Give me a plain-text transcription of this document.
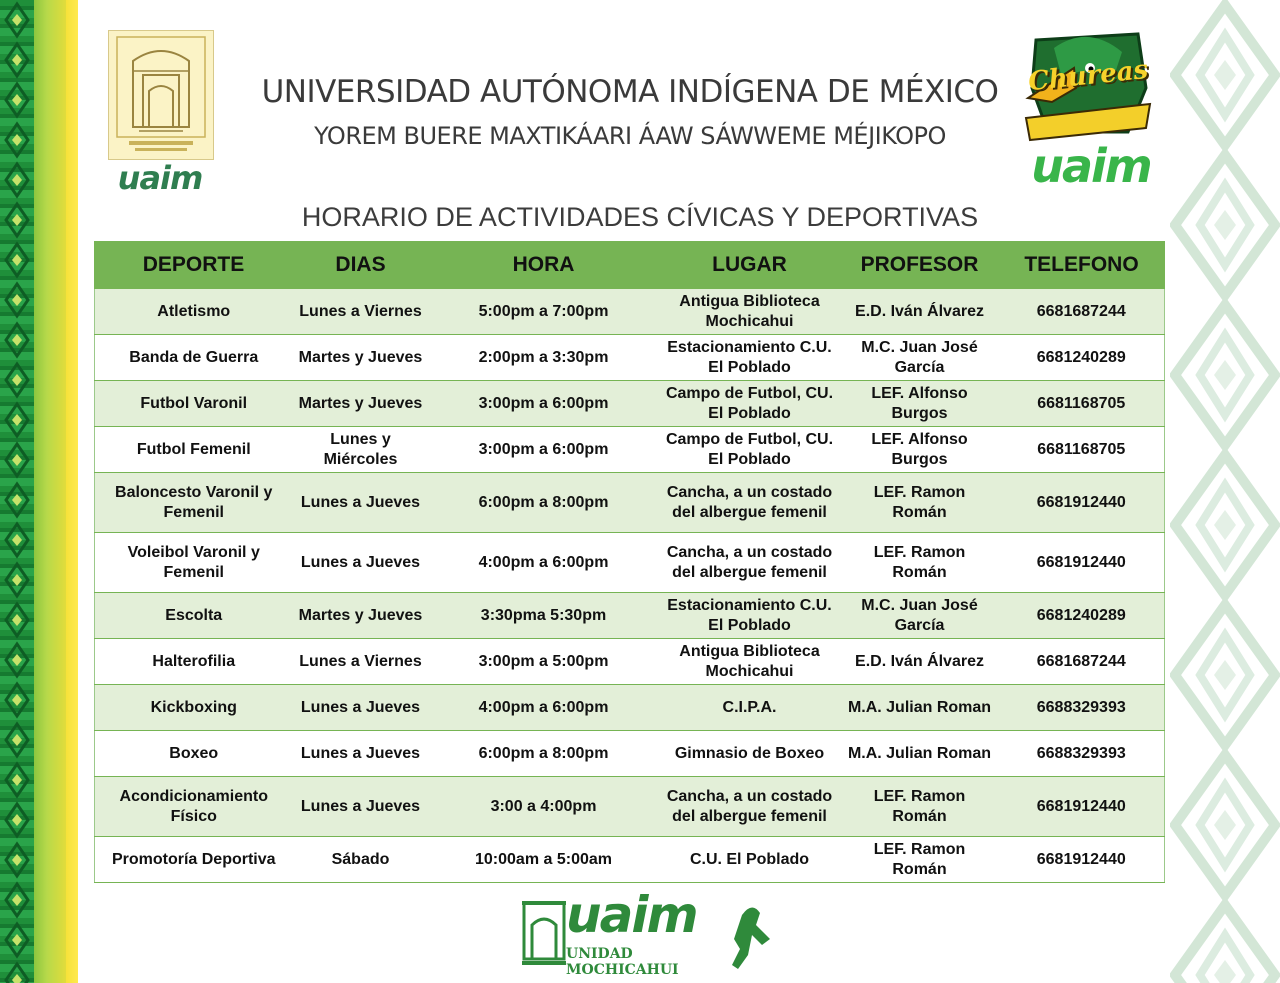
uaim
UNIVERSIDAD AUTÓNOMA INDÍGENA DE MÉXICO
YOREM BUERE MAXTIKÁARI ÁAW SÁWWEME MÉJIKOPO
Chureas
uaim
HORARIO DE ACTIVIDADES CÍVICAS Y DEPORTIVAS
DEPORTE	DIAS	HORA	LUGAR	PROFESOR	TELEFONO
Atletismo	Lunes a Viernes	5:00pm a 7:00pm	Antigua Biblioteca Mochicahui	E.D. Iván Álvarez	6681687244
Banda de Guerra	Martes y Jueves	2:00pm a 3:30pm	Estacionamiento C.U. El Poblado	M.C. Juan José García	6681240289
Futbol Varonil	Martes y Jueves	3:00pm a 6:00pm	Campo de Futbol, CU. El Poblado	LEF. Alfonso Burgos	6681168705
Futbol Femenil	Lunes y Miércoles	3:00pm a 6:00pm	Campo de Futbol, CU. El Poblado	LEF. Alfonso Burgos	6681168705
Baloncesto Varonil y Femenil	Lunes a Jueves	6:00pm a 8:00pm	Cancha, a un costado del albergue femenil	LEF. Ramon Román	6681912440
Voleibol Varonil y Femenil	Lunes a Jueves	4:00pm a 6:00pm	Cancha, a un costado del albergue femenil	LEF. Ramon Román	6681912440
Escolta	Martes y Jueves	3:30pma 5:30pm	Estacionamiento C.U. El Poblado	M.C. Juan José García	6681240289
Halterofilia	Lunes a Viernes	3:00pm a 5:00pm	Antigua Biblioteca Mochicahui	E.D. Iván Álvarez	6681687244
Kickboxing	Lunes a Jueves	4:00pm a 6:00pm	C.I.P.A.	M.A. Julian Roman	6688329393
Boxeo	Lunes a Jueves	6:00pm a 8:00pm	Gimnasio de Boxeo	M.A. Julian Roman	6688329393
Acondicionamiento Físico	Lunes a Jueves	3:00 a 4:00pm	Cancha, a un costado del albergue femenil	LEF. Ramon Román	6681912440
Promotoría Deportiva	Sábado	10:00am a 5:00am	C.U. El Poblado	LEF. Ramon Román	6681912440
uaim
UNIDAD MOCHICAHUI
